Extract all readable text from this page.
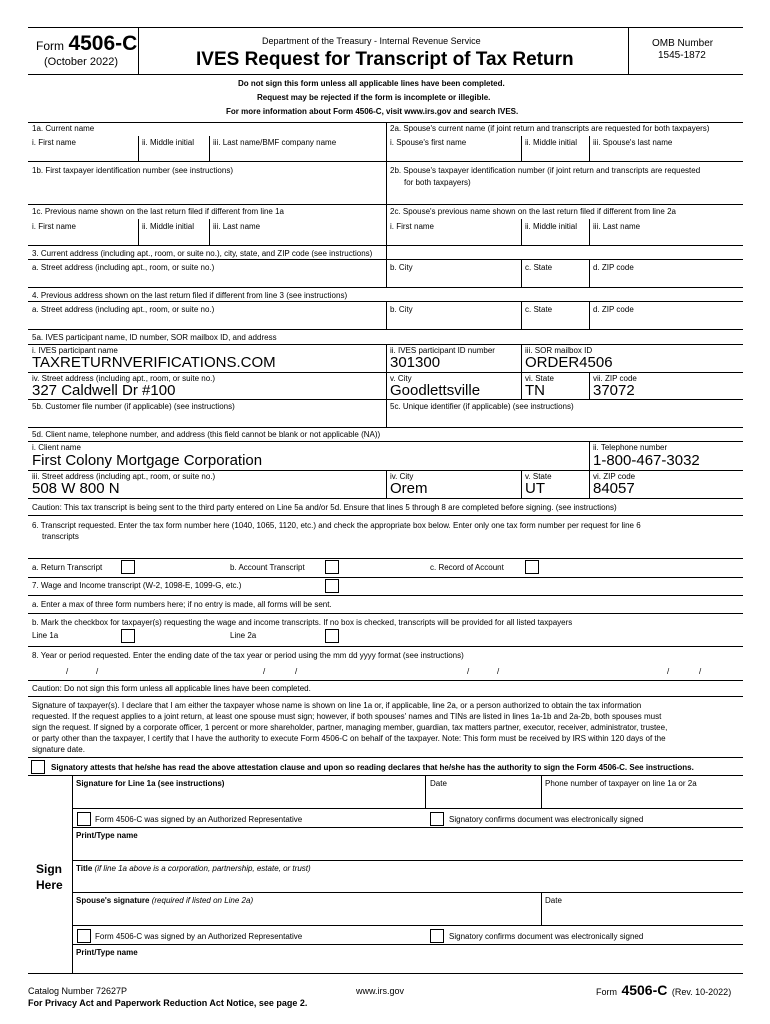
Form 4506-C
(October 2022)
Department of the Treasury - Internal Revenue Service
IVES Request for Transcript of Tax Return
OMB Number
1545-1872
Do not sign this form unless all applicable lines have been completed.
Request may be rejected if the form is incomplete or illegible.
For more information about Form 4506-C, visit www.irs.gov and search IVES.
1a. Current name
i. First name	ii. Middle initial iii. Last name/BMF company name
2a. Spouse's current name (if joint return and transcripts are requested for both taxpayers)
i. Spouse's first name	ii. Middle initial iii. Spouse's last name
1b. First taxpayer identification number (see instructions)	2b. Spouse's taxpayer identification number (if joint return and transcripts are requested
for both taxpayers)
1c. Previous name shown on the last return filed if different from line 1a
i. First name	ii. Middle initial iii. Last name
2c. Spouse's previous name shown on the last return filed if different from line 2a
i. First name	ii. Middle initial iii. Last name
3. Current address (including apt., room, or suite no.), city, state, and ZIP code (see instructions)
a. Street address (including apt., room, or suite no.)	b. City	c. State	d. ZIP code
4. Previous address shown on the last return filed if different from line 3 (see instructions)
a. Street address (including apt., room, or suite no.)	b. City	c. State	d. ZIP code
5a. IVES participant name, ID number, SOR mailbox ID, and address
i. IVES participant name
TAXRETURNVERIFICATIONS.COM
ii. IVES participant ID number
301300
iii. SOR mailbox ID
ORDER4506
iv. Street address (including apt., room, or suite no.)
327 Caldwell Dr #100
v. City
Goodlettsville
vi. State
TN
vii. ZIP code
37072
5b. Customer file number (if applicable) (see instructions)	5c. Unique identifier (if applicable) (see instructions)
5d. Client name, telephone number, and address (this field cannot be blank or not applicable (NA))
i. Client name
First Colony Mortgage Corporation
ii. Telephone number
1-800-467-3032
iii. Street address (including apt., room, or suite no.)
508 W 800 N
iv. City
Orem
v. State
UT
vi. ZIP code
84057
Caution: This tax transcript is being sent to the third party entered on Line 5a and/or 5d. Ensure that lines 5 through 8 are completed before signing. (see instructions)
6. Transcript requested. Enter the tax form number here (1040, 1065, 1120, etc.) and check the appropriate box below. Enter only one tax form number per request for line 6
transcripts
a. Return Transcript	b. Account Transcript	c. Record of Account
7. Wage and Income transcript (W-2, 1098-E, 1099-G, etc.)
a. Enter a max of three form numbers here; if no entry is made, all forms will be sent.
b. Mark the checkbox for taxpayer(s) requesting the wage and income transcripts. If no box is checked, transcripts will be provided for all listed taxpayers
Line 1a	Line 2a
8. Year or period requested. Enter the ending date of the tax year or period using the mm dd yyyy format (see instructions)
/	/	/	/	/	/	/	/
Caution: Do not sign this form unless all applicable lines have been completed.
Signature of taxpayer(s). I declare that I am either the taxpayer whose name is shown on line 1a or, if applicable, line 2a, or a person authorized to obtain the tax information
requested. If the request applies to a joint return, at least one spouse must sign; however, if both spouses' names and TINs are listed in lines 1a-1b and 2a-2b, both spouses must
sign the request. If signed by a corporate officer, 1 percent or more shareholder, partner, managing member, guardian, tax matters partner, executor, receiver, administrator, trustee,
or party other than the taxpayer, I certify that I have the authority to execute Form 4506-C on behalf of the taxpayer. Note: This form must be received by IRS within 120 days of the
signature date.
Signatory attests that he/she has read the above attestation clause and upon so reading declares that he/she has the authority to sign the Form 4506-C. See instructions.
Sign
Here
Signature for Line 1a (see instructions)	Date	Phone number of taxpayer on line 1a or 2a
Form 4506-C was signed by an Authorized Representative	Signatory confirms document was electronically signed
Print/Type name
Title (if line 1a above is a corporation, partnership, estate, or trust)
Spouse's signature (required if listed on Line 2a)	Date
Form 4506-C was signed by an Authorized Representative	Signatory confirms document was electronically signed
Print/Type name
Catalog Number 72627P	www.irs.gov	Form 4506-C (Rev. 10-2022)
For Privacy Act and Paperwork Reduction Act Notice, see page 2.
